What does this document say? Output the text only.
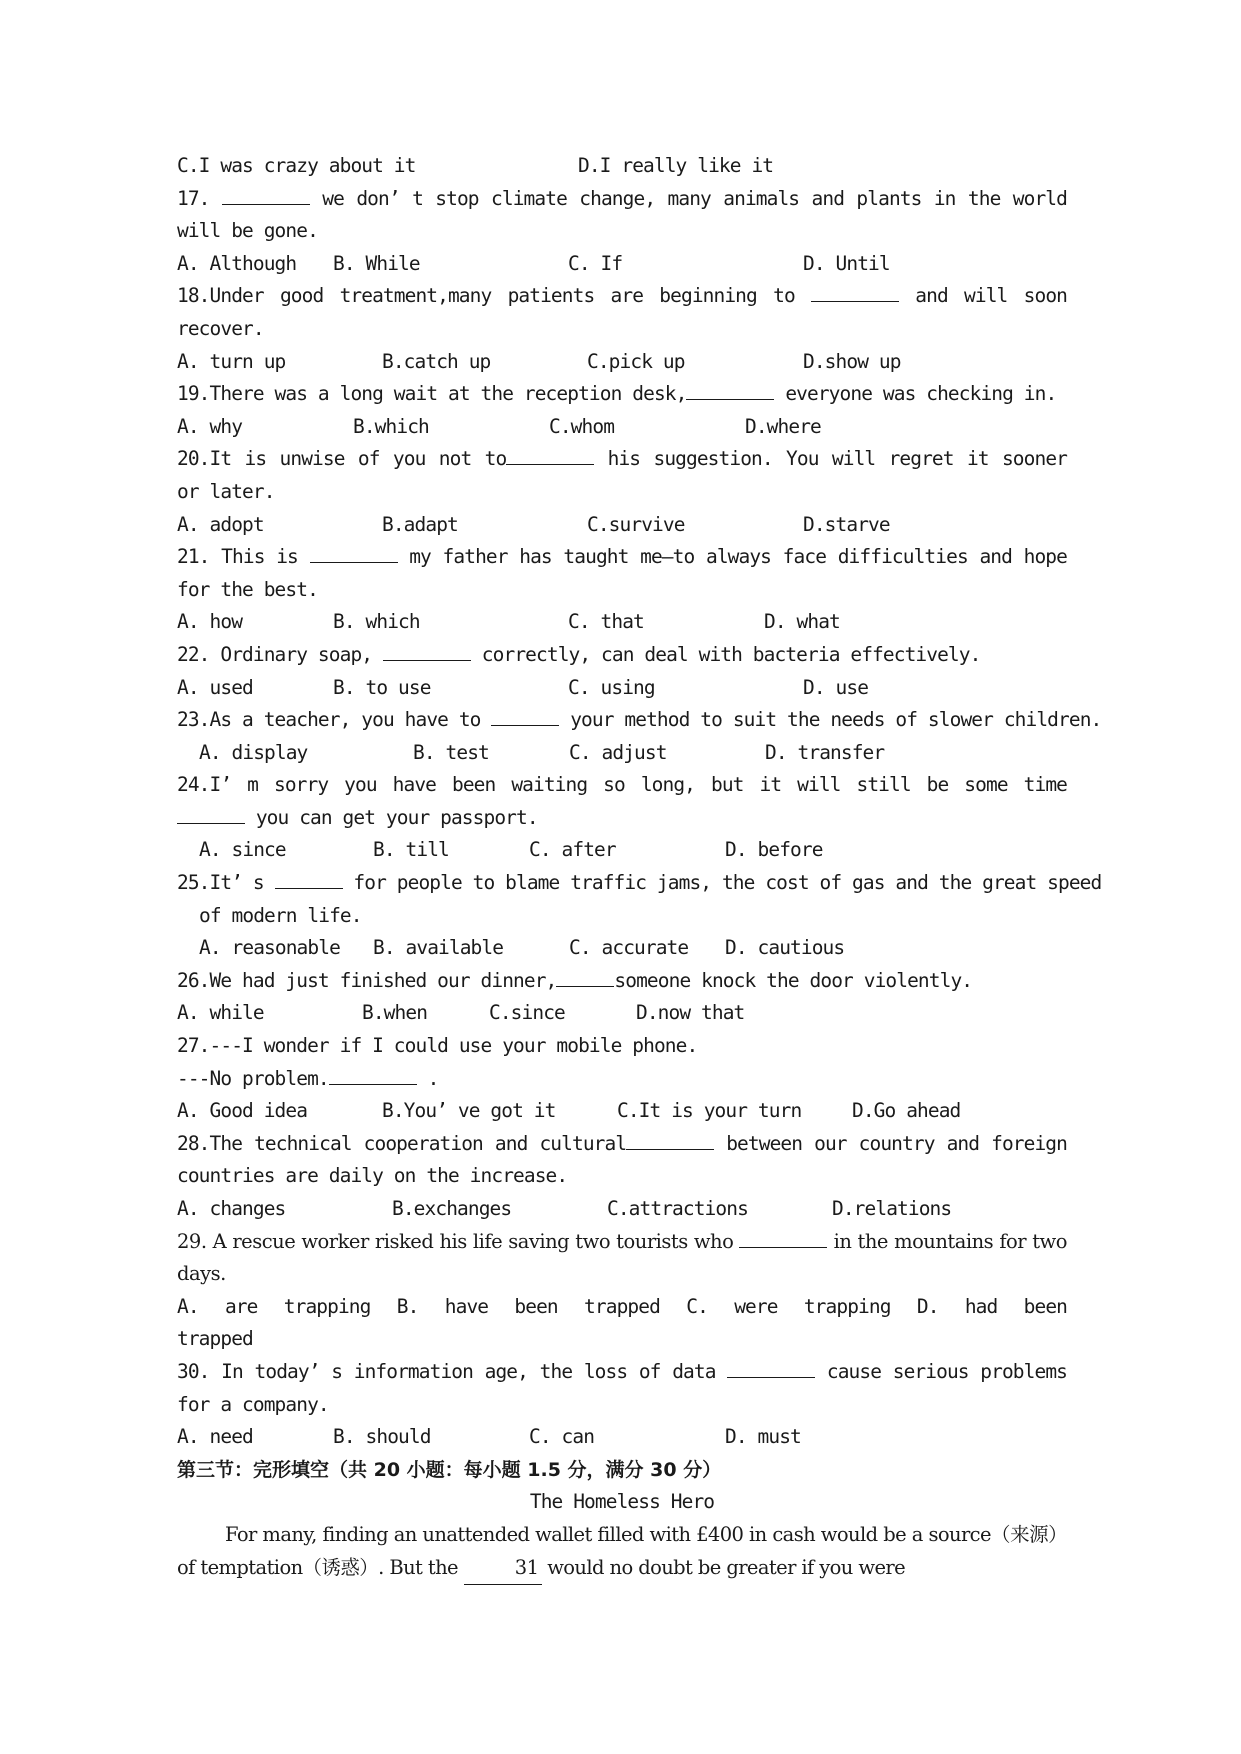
C.I was crazy about it	D.I really like it
17.	we don’ t stop climate change, many animals and plants in the world will be gone.
A. Although	B. While	C. If	D. Until
18.Under good treatment,many patients are beginning to	and will soon recover.
A. turn up	B.catch up	C.pick up	D.show up
19.There was a long wait at the reception desk,	everyone was checking in.
A. why	B.which	C.whom	D.where
20.It is unwise of you not to	his suggestion. You will regret it sooner or later.
A. adopt	B.adapt	C.survive	D.starve
21. This is	my father has taught me—to always face difficulties and hope for the best.
A. how	B. which	C. that	D. what
22. Ordinary soap,	correctly, can deal with bacteria effectively.
A. used	B. to use	C. using	D. use
23.As a teacher, you have to	your method to suit the needs of slower children.
A. display	B. test	C. adjust	D. transfer
24.I’ m sorry you have been waiting so long, but it will still be some time  you can get your passport.
A. since	B. till	C. after	D. before
25.It’ s	for people to blame traffic jams, the cost of gas and the great speed
of modern life.
A. reasonable	B. available	C. accurate	D. cautious
26.We had just finished our dinner,	someone knock the door violently.
A. while	B.when	C.since	D.now that
27.---I wonder if I could use your mobile phone.
---No problem.	.
A. Good idea	B.You’ ve got it	C.It is your turn	D.Go ahead
28.The technical cooperation and cultural	between our country and foreign countries are daily on the increase.
A. changes	B.exchanges	C.attractions	D.relations
29. A rescue worker risked his life saving two tourists who	in the mountains for two days.
A. are trapping B. have been trapped C. were trapping D. had been trapped
30. In today’ s information age, the loss of data	cause serious problems for a company.
A. need	B. should	C. can	D. must
第三节：完形填空（共 20 小题：每小题 1.5 分，满分 30 分）
The Homeless Hero
For many, finding an unattended wallet filled with £400 in cash would be a source（来源）of temptation（诱惑）. But the	31 would no doubt be greater if you were
